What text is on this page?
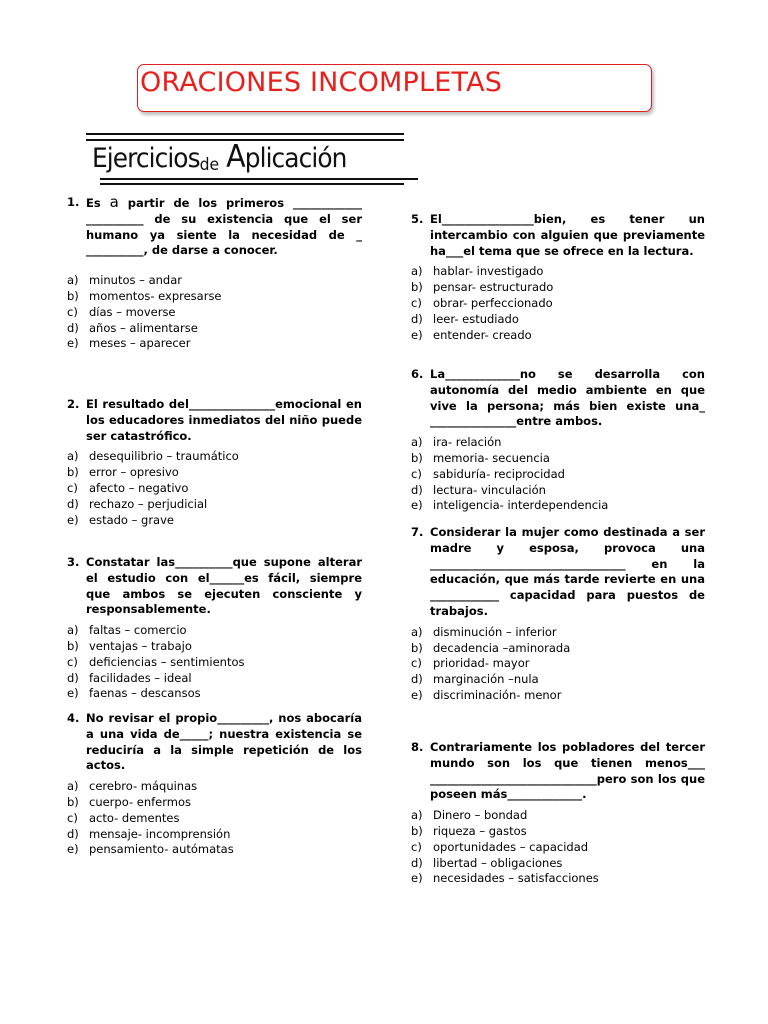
ORACIONES INCOMPLETAS
Ejerciciosde Aplicación
1. Es a partir de los primeros ____________ __________ de su existencia que el ser humano ya siente la necesidad de _ __________, de darse a conocer.
a) minutos – andar
b) momentos- expresarse
c) días – moverse
d) años – alimentarse
e) meses – aparecer
2. El resultado del_______________emocional en los educadores inmediatos del niño puede ser catastrófico.
a) desequilibrio – traumático
b) error – opresivo
c) afecto – negativo
d) rechazo – perjudicial
e) estado – grave
3. Constatar las__________que supone alterar el estudio con el______es fácil, siempre que ambos se ejecuten consciente y responsablemente.
a) faltas – comercio
b) ventajas – trabajo
c) deficiencias – sentimientos
d) facilidades – ideal
e) faenas – descansos
4. No revisar el propio_________, nos abocaría a una vida de_____; nuestra existencia se reduciría a la simple repetición de los actos.
a) cerebro- máquinas
b) cuerpo- enfermos
c) acto- dementes
d) mensaje- incomprensión
e) pensamiento- autómatas
5. El________________bien, es tener un intercambio con alguien que previamente ha___el tema que se ofrece en la lectura.
a) hablar- investigado
b) pensar- estructurado
c) obrar- perfeccionado
d) leer- estudiado
e) entender- creado
6. La_____________no se desarrolla con autonomía del medio ambiente en que vive la persona; más bien existe una_ _______________entre ambos.
a) ira- relación
b) memoria- secuencia
c) sabiduría- reciprocidad
d) lectura- vinculación
e) inteligencia- interdependencia
7. Considerar la mujer como destinada a ser madre y esposa, provoca una __________________________________ en la educación, que más tarde revierte en una ____________ capacidad para puestos de trabajos.
a) disminución – inferior
b) decadencia –aminorada
c) prioridad- mayor
d) marginación –nula
e) discriminación- menor
8. Contrariamente los pobladores del tercer mundo son los que tienen menos___ _____________________________pero son los que poseen más_____________.
a) Dinero – bondad
b) riqueza – gastos
c) oportunidades – capacidad
d) libertad – obligaciones
e) necesidades – satisfacciones
